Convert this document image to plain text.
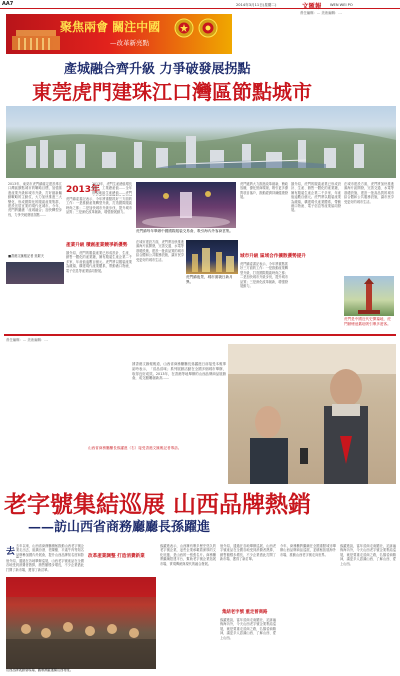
AA7	2014年3月11日(星期二)	文匯報 WEN WEI PO
責任編輯：… 美術編輯：…
聚焦兩會 關注中國
—改革新亮點
產城融合齊升級 力爭破發展拐點
東莞虎門建珠江口灣區節點城市
2013年，東莞市虎門鎮確定建設珠江口灣區節點城市的戰略目標，加強推進產業升級和城市升級，打好創新驅動戰略的主動仗，大力加快推進三大變化，形成國際化的服裝產業集群，建設宜居宜業的現代化城市。今年，虎門將圍繞「產城融合」加快轉型步伐，力爭突破發展拐點……
■香港文匯報記者 吳繁天
2013年
2013年，虎門生產總值增長穩定，工業總產值……全年實現地區生產總值……虎門
虎門鎮委書記表示，今年將重點抓好三方面的工作：一是推動產業轉型升級，打造國際服裝時尚之都；二是加快城市升級步伐，提升城市品質；三是深化改革創新，增強發展動力。
產業升級 積創產業競爭新優勢
據介紹，虎門的服裝產業已形成設計、生產、銷售一體化的產業鏈，擁有服裝生產企業二千多家，年產值逾數百億元。虎門將以服裝產業為龍頭，構建現代產業體系，帶動港口物流、電子信息等產業協同發展。
虎門鎮每年舉辦中國國際服裝交易會，吸引海內外客商雲集。
在城市建設方面，虎門將加快推進濱海片區開發，完善交通、水電等基礎設施，建設一批高品質的城市綜合體和公共服務設施，讓市民享受更好的城市生活。
虎門鎮夜景，城市面貌日新月異。
虎門還將大力推進改革創新，簡政放權，優化營商環境，吸引更多優質項目落戶，推動經濟持續健康發展。
城市升級 區域合作擴散優勢提升
虎門鎮委書記表示，今年將重點抓好三方面的工作：一是推動產業轉型升級，打造國際服裝時尚之都；二是加快城市升級步伐，提升城市品質；三是深化改革創新，增強發展動力。
據介紹，虎門的服裝產業已形成設計、生產、銷售一體化的產業鏈，擁有服裝生產企業二千多家，年產值逾數百億元。虎門將以服裝產業為龍頭，構建現代產業體系，帶動港口物流、電子信息等產業協同發展。
在城市建設方面，虎門將加快推進濱海片區開發，完善交通、水電等基礎設施，建設一批高品質的城市綜合體和公共服務設施，讓市民享受更好的城市生活。
虎門是中國近代史開篇地，虎門銷煙池舊址吸引眾多遊客。
責任編輯：… 美術編輯：…
據香港文匯報報道，山西省商務廳廳長孫躍進日前接受本報專訪時表示，「晉品晉味」系列展銷活動在全國多個城市舉辦，取得良好成效。2013年，在香港等地舉辦的山西品牌商品展銷會，成交額屢創新高……
老字號集結巡展 山西品牌熱銷
——訪山西省商務廳廳長孫躍進
去
去年以來，山西省商務廳積極推動山西老字號企業走出去，組織汾酒、老陳醋、平遙牛肉等知名品牌參加國內外展會，提升山西品牌知名度和影
他介紹，通過在各地舉辦巡展，山西老字號產品在全國各地受到消費者熱捧，銷售額穩步增長，不少企業借此打開了新市場，獲得了新訂單。
山西品牌展銷會現場，觀眾踴躍選購山西特產。
改革產業調整 打造消費新業
孫躍進表示，山西擁有眾多歷史悠久的老字號企業，這些企業承載着深厚的文化底蘊，是山西的一張張名片。商務廳將繼續搭建平台，幫助老字號企業拓展市場，實現傳統與現代的融合發展。
他介紹，通過在各地舉辦巡展，山西老字號產品在全國各地受到消費者熱捧，銷售額穩步增長，不少企業借此打開了新市場，獲得了新訂單。
集結老字號 重走晉商路
孫躍進說，當年晉商走南闖北，足跡遍佈海內外，今天山西老字號企業集結巡展，就是要重走晉商之路，弘揚晉商精神，讓更多人認識山西、了解山西、愛上山西。
今年，商務廳將繼續在全國重點城市舉辦山西品牌商品巡展，並積極拓展海外市場，推動山西老字號走向世界。
孫躍進說，當年晉商走南闖北，足跡遍佈海內外，今天山西老字號企業集結巡展，就是要重走晉商之路，弘揚晉商精神，讓更多人認識山西、了解山西、愛上山西。
山西省商務廳廳長孫躍進（右）接受香港文匯報記者專訪。
